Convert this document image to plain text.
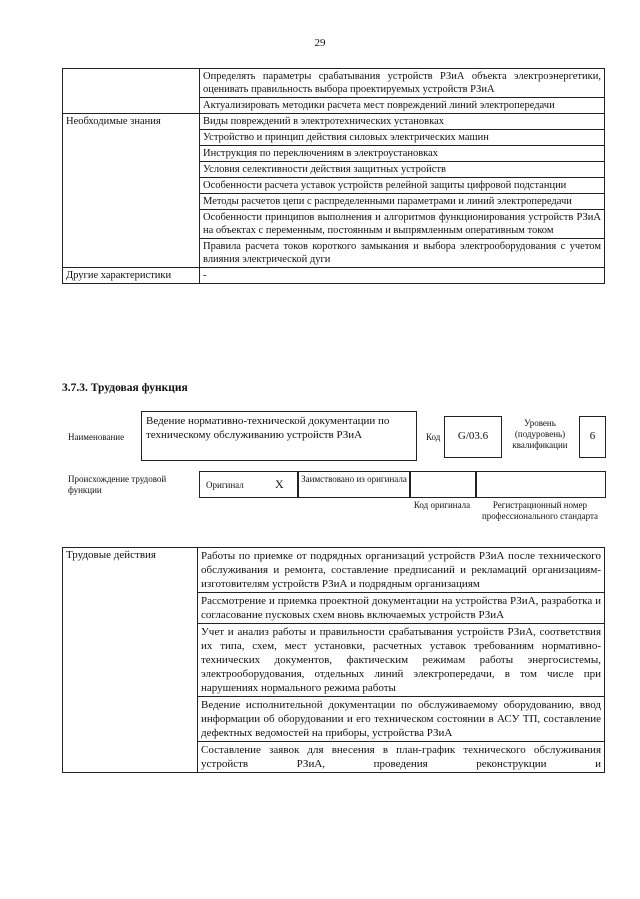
29
	Определять параметры срабатывания устройств РЗиА объекта электроэнергетики, оценивать правильность выбора проектируемых устройств РЗиА
	Актуализировать методики расчета мест повреждений линий электропередачи
Необходимые знания	Виды повреждений в электротехнических установках
	Устройство и принцип действия силовых электрических машин
	Инструкция по переключениям в электроустановках
	Условия селективности действия защитных устройств
	Особенности расчета уставок устройств релейной защиты цифровой подстанции
	Методы расчетов цепи с распределенными параметрами и линий электропередачи
	Особенности принципов выполнения и алгоритмов функционирования устройств РЗиА на объектах с переменным, постоянным и выпрямленным оперативным током
	Правила расчета токов короткого замыкания и выбора электрооборудования с учетом влияния электрической дуги
Другие характеристики	-
3.7.3. Трудовая функция
Наименование
Ведение нормативно-технической документации по техническому обслуживанию устройств РЗиА	Код	G/03.6
Уровень (подуровень) квалификации
6
Происхождение трудовой функции	Оригинал	X	Заимствовано из оригинала
Код оригинала	Регистрационный номер профессионального стандарта
Трудовые действия	Работы по приемке от подрядных организаций устройств РЗиА после технического обслуживания и ремонта, составление предписаний и рекламаций организациям-изготовителям устройств РЗиА и подрядным организациям
Рассмотрение и приемка проектной документации на устройства РЗиА, разработка и согласование пусковых схем вновь включаемых устройств РЗиА
Учет и анализ работы и правильности срабатывания устройств РЗиА, соответствия их типа, схем, мест установки, расчетных уставок требованиям нормативно-технических документов, фактическим режимам работы энергосистемы, электрооборудования, отдельных линий электропередачи, в том числе при нарушениях нормального режима работы
Ведение исполнительной документации по обслуживаемому оборудованию, ввод информации об оборудовании и его техническом состоянии в АСУ ТП, составление дефектных ведомостей на приборы, устройства РЗиА
Составление заявок для внесения в план-график технического обслуживания устройств РЗиА, проведения реконструкции и
